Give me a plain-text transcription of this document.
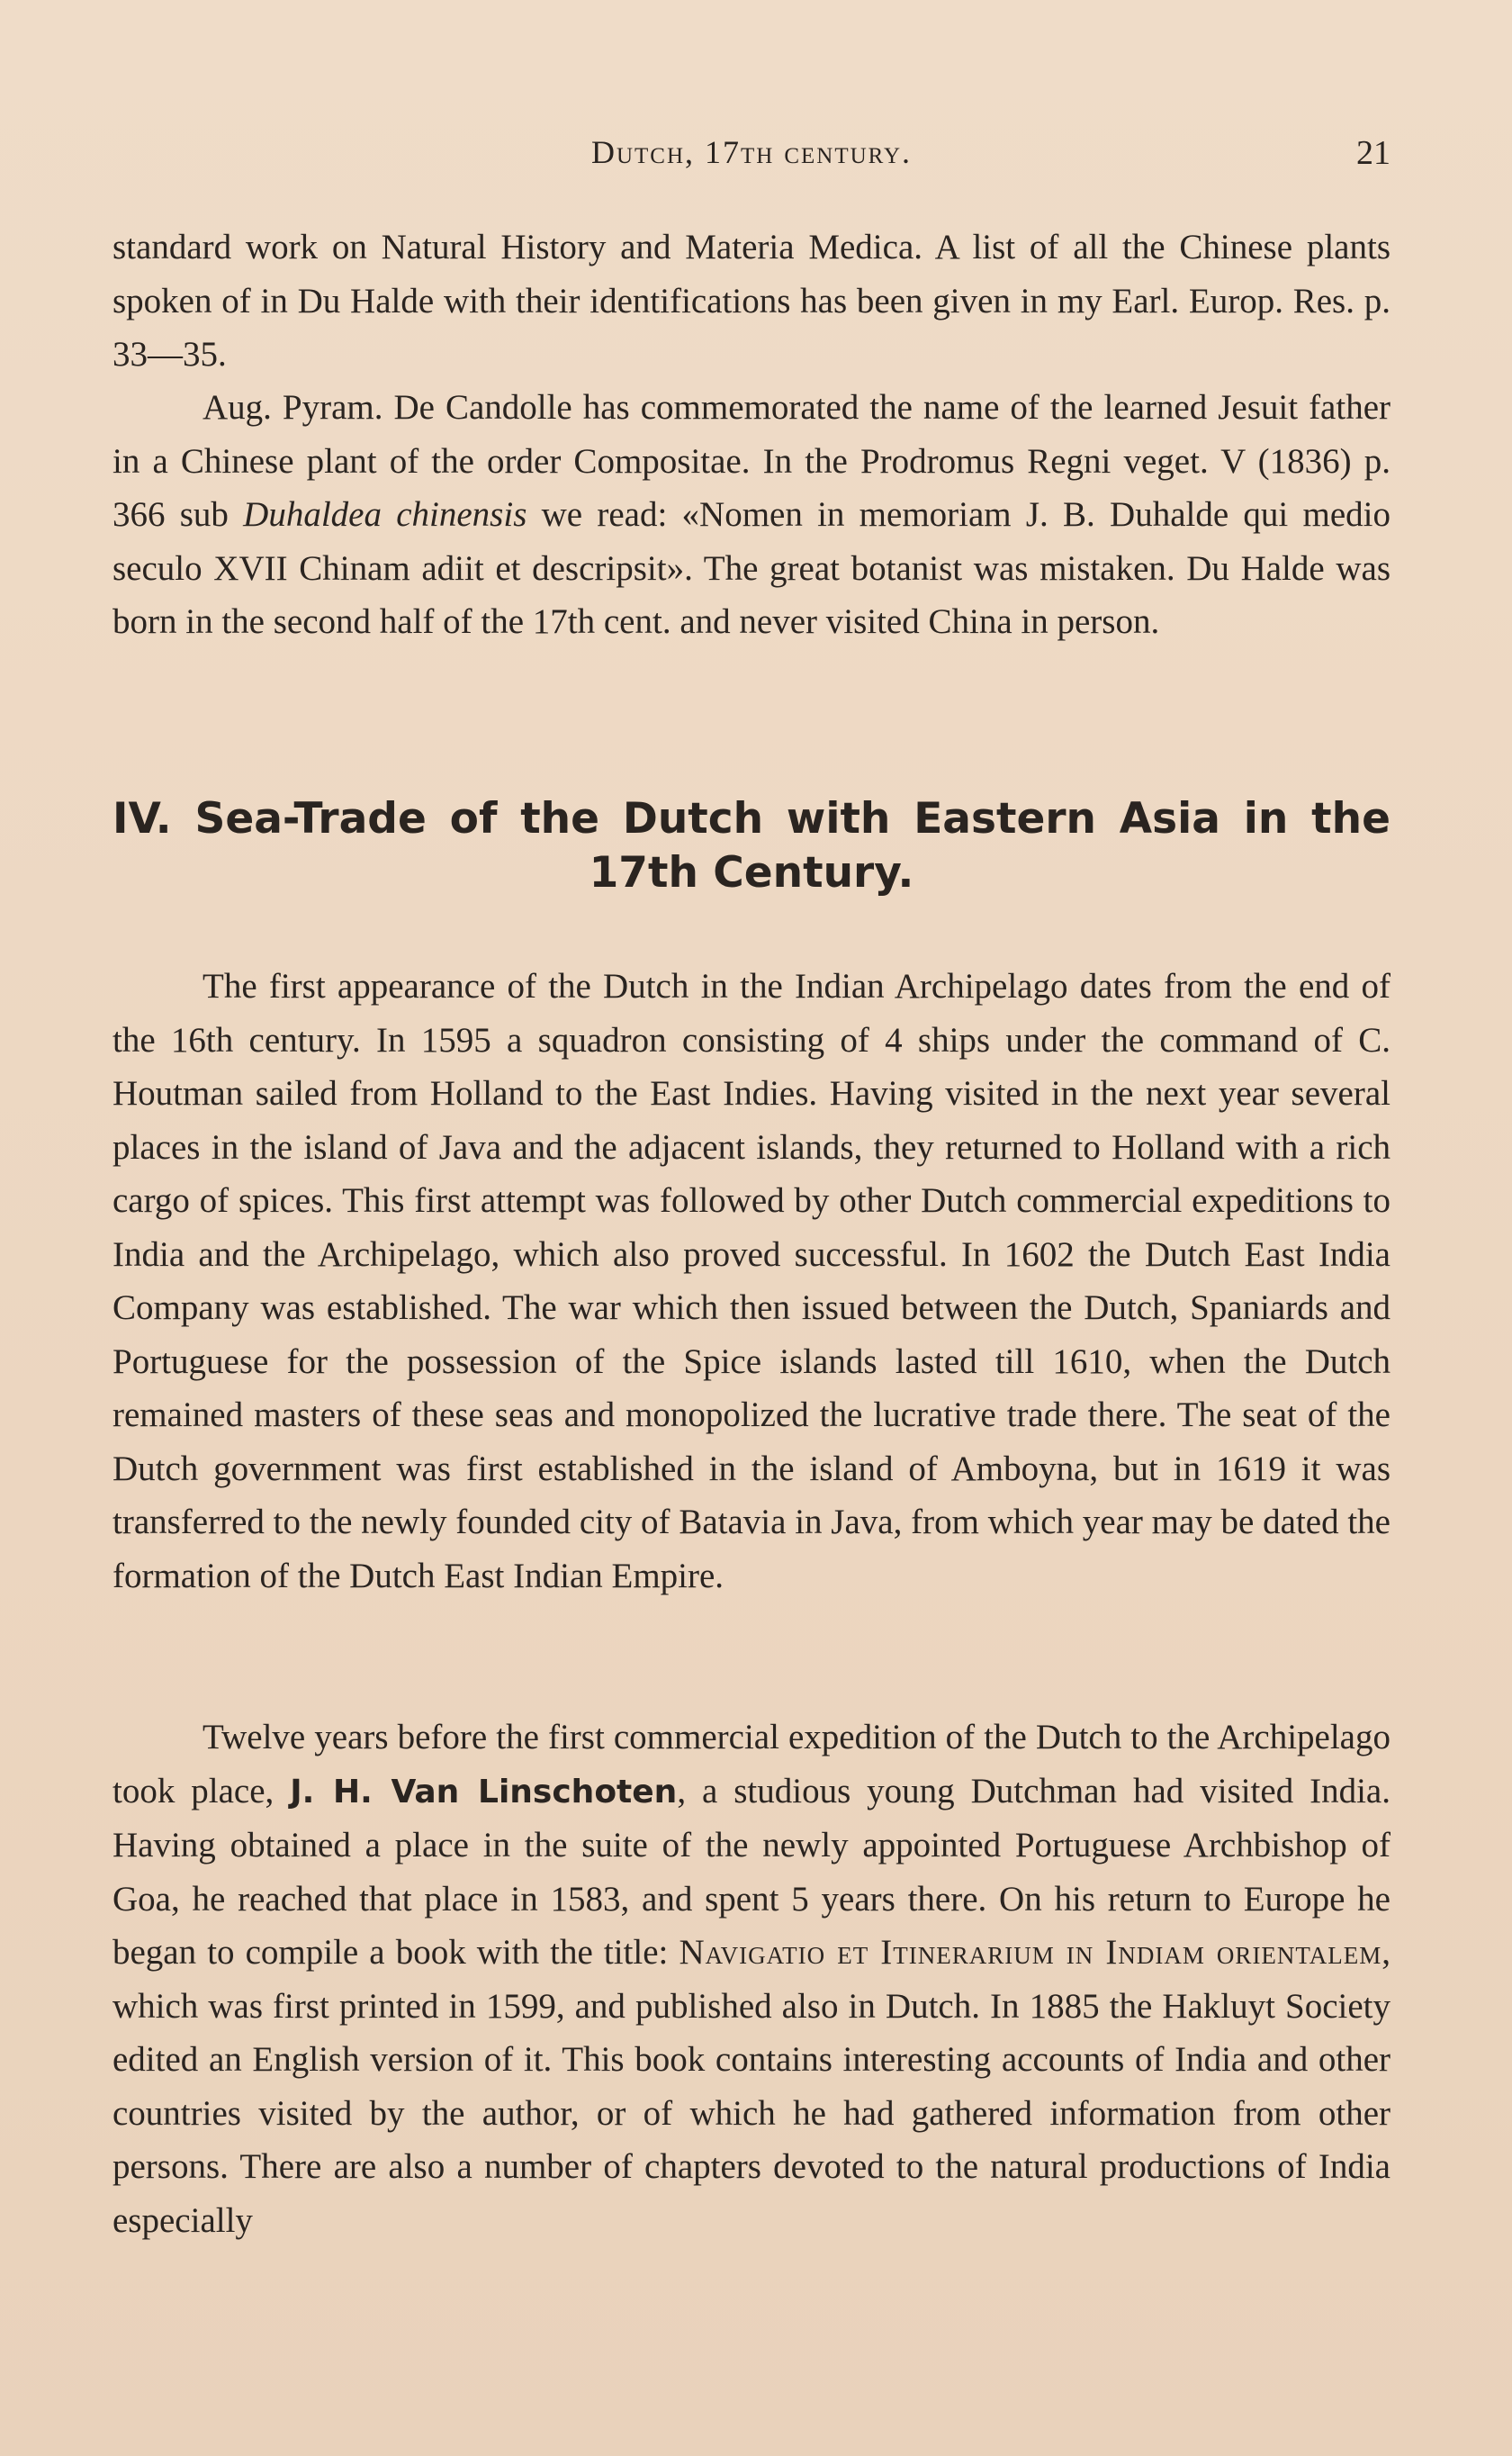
Dutch, 17th century.	21

standard work on Natural History and Materia Medica. A list of all the Chinese plants spoken of in Du Halde with their identifications has been given in my Earl. Europ. Res. p. 33—35.

Aug. Pyram. De Candolle has commemorated the name of the learned Jesuit father in a Chinese plant of the order Compositae. In the Prodromus Regni veget. V (1836) p. 366 sub Duhaldea chinensis we read: «Nomen in memoriam J. B. Duhalde qui medio seculo XVII Chinam adiit et descripsit». The great botanist was mistaken. Du Halde was born in the second half of the 17th cent. and never visited China in person.

IV. Sea-Trade of the Dutch with Eastern Asia in the
17th Century.

The first appearance of the Dutch in the Indian Archipelago dates from the end of the 16th century. In 1595 a squadron consisting of 4 ships under the command of C. Houtman sailed from Holland to the East Indies. Having visited in the next year several places in the island of Java and the adjacent islands, they returned to Holland with a rich cargo of spices. This first attempt was followed by other Dutch commercial expeditions to India and the Archipelago, which also proved successful. In 1602 the Dutch East India Company was established. The war which then issued between the Dutch, Spaniards and Portuguese for the possession of the Spice islands lasted till 1610, when the Dutch remained masters of these seas and monopolized the lucrative trade there. The seat of the Dutch government was first established in the island of Amboyna, but in 1619 it was transferred to the newly founded city of Batavia in Java, from which year may be dated the formation of the Dutch East Indian Empire.

Twelve years before the first commercial expedition of the Dutch to the Archipelago took place, J. H. Van Linschoten, a studious young Dutchman had visited India. Having obtained a place in the suite of the newly appointed Portuguese Archbishop of Goa, he reached that place in 1583, and spent 5 years there. On his return to Europe he began to compile a book with the title: Navigatio et Itinerarium in Indiam orientalem, which was first printed in 1599, and published also in Dutch. In 1885 the Hakluyt Society edited an English version of it. This book contains interesting accounts of India and other countries visited by the author, or of which he had gathered information from other persons. There are also a number of chapters devoted to the natural productions of India especially
